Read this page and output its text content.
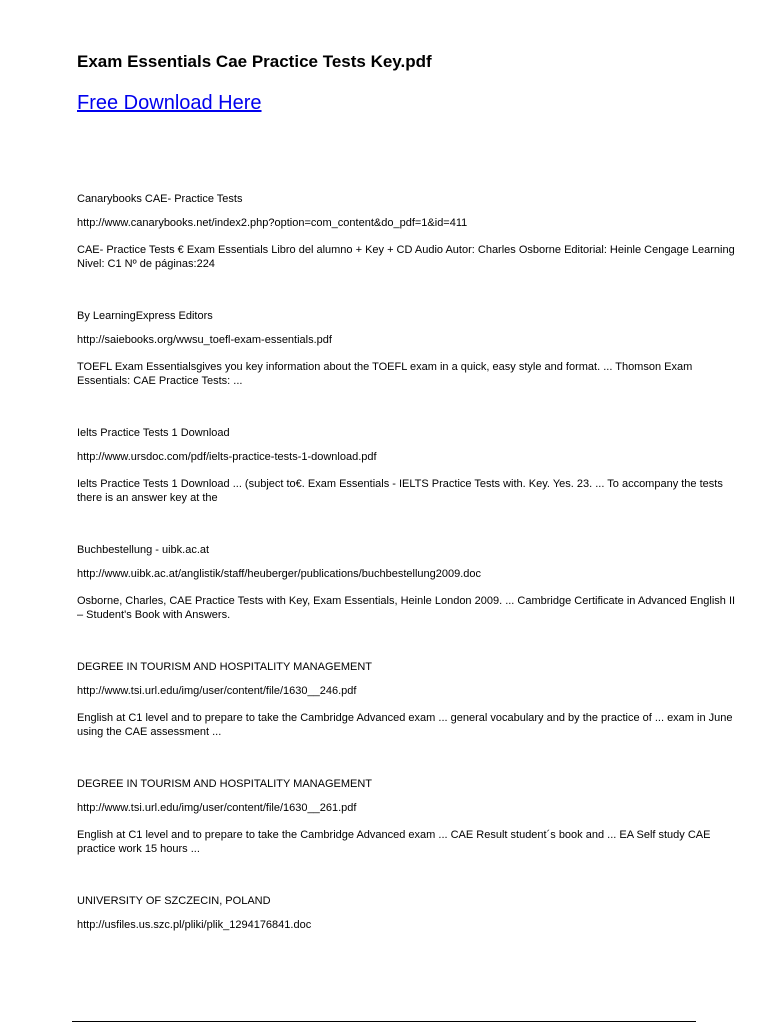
Exam Essentials Cae Practice Tests Key.pdf
Free Download Here
Canarybooks CAE- Practice Tests
http://www.canarybooks.net/index2.php?option=com_content&do_pdf=1&id=411
CAE- Practice Tests € Exam Essentials Libro del alumno + Key + CD Audio Autor: Charles Osborne Editorial: Heinle Cengage Learning Nivel: C1 Nº de páginas:224
By LearningExpress Editors
http://saiebooks.org/wwsu_toefl-exam-essentials.pdf
TOEFL Exam Essentialsgives you key information about the TOEFL exam in a quick, easy style and format. ... Thomson Exam Essentials: CAE Practice Tests: ...
Ielts Practice Tests 1 Download
http://www.ursdoc.com/pdf/ielts-practice-tests-1-download.pdf
Ielts Practice Tests 1 Download ... (subject to€. Exam Essentials - IELTS Practice Tests with. Key. Yes. 23. ... To accompany the tests there is an answer key at the
Buchbestellung - uibk.ac.at
http://www.uibk.ac.at/anglistik/staff/heuberger/publications/buchbestellung2009.doc
Osborne, Charles, CAE Practice Tests with Key, Exam Essentials, Heinle London 2009. ... Cambridge Certificate in Advanced English II – Student's Book with Answers.
DEGREE IN TOURISM AND HOSPITALITY MANAGEMENT
http://www.tsi.url.edu/img/user/content/file/1630__246.pdf
English at C1 level and to prepare to take the Cambridge Advanced exam ... general vocabulary and by the practice of ... exam in June using the CAE assessment ...
DEGREE IN TOURISM AND HOSPITALITY MANAGEMENT
http://www.tsi.url.edu/img/user/content/file/1630__261.pdf
English at C1 level and to prepare to take the Cambridge Advanced exam ... CAE Result student´s book and ... EA Self study CAE practice work 15 hours ...
UNIVERSITY OF SZCZECIN, POLAND
http://usfiles.us.szc.pl/pliki/plik_1294176841.doc
